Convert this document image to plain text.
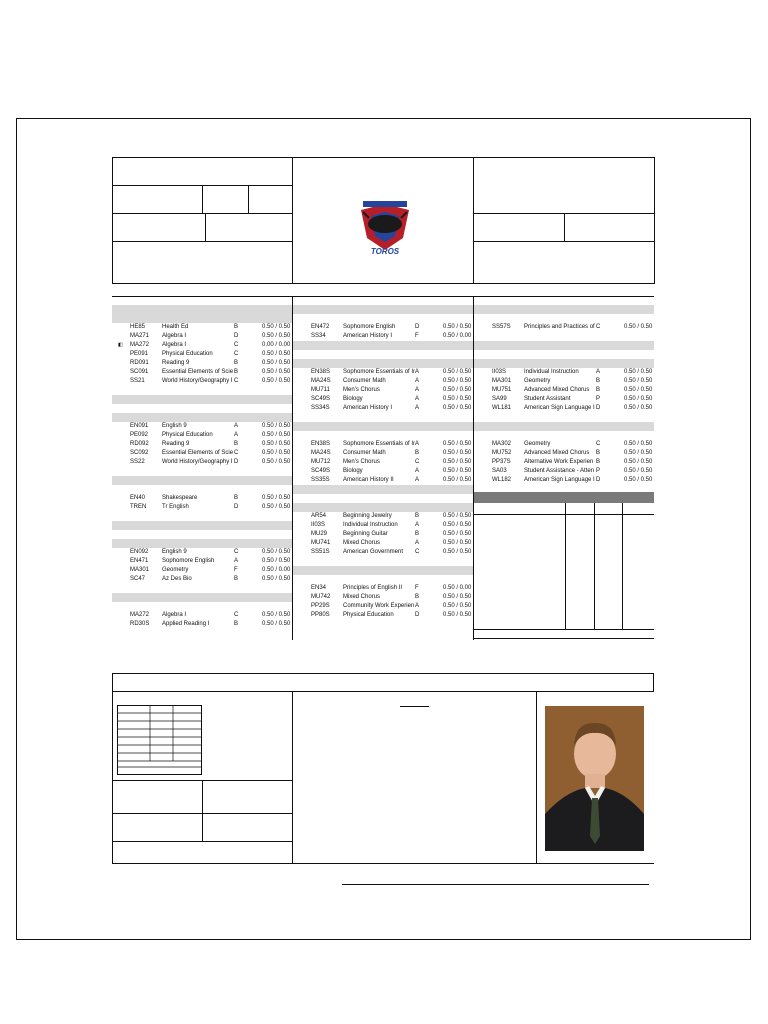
TOROS
HE85	Health Ed	B	0.50 / 0.50
MA271	Algebra I	D	0.50 / 0.50
MA272	Algebra I	C	0.00 / 0.00
◧
PE091	Physical Education	C	0.50 / 0.50
RD091	Reading 9	B	0.50 / 0.50
SC091	Essential Elements of Scie B	0.50 / 0.50
SS21	World History/Geography I C	0.50 / 0.50
EN091	English 9	A	0.50 / 0.50
PE092	Physical Education	A	0.50 / 0.50
RD092	Reading 9	B	0.50 / 0.50
SC092	Essential Elements of Scie C	0.50 / 0.50
SS22	World History/Geography I D	0.50 / 0.50
EN40	Shakespeare	B	0.50 / 0.50
TREN	Tr English	D	0.50 / 0.50
EN092	English 9	C	0.50 / 0.50
EN471	Sophomore English	A	0.50 / 0.50
MA301	Geometry	F	0.50 / 0.00
SC47	Az Des Bio	B	0.50 / 0.50
MA272	Algebra I	C	0.50 / 0.50
RD30S	Applied Reading I	B	0.50 / 0.50
EN472	Sophomore English	D	0.50 / 0.50
SS34	American History I	F	0.50 / 0.00
EN38S	Sophomore Essentials of Ir A	0.50 / 0.50
MA24S	Consumer Math	A	0.50 / 0.50
MU711	Men's Chorus	A	0.50 / 0.50
SC49S	Biology	A	0.50 / 0.50
SS34S	American History I	A	0.50 / 0.50
EN38S	Sophomore Essentials of Ir A	0.50 / 0.50
MA24S	Consumer Math	B	0.50 / 0.50
MU712	Men's Chorus	C	0.50 / 0.50
SC49S	Biology	A	0.50 / 0.50
SS35S	American History II	A	0.50 / 0.50
AR54	Beginning Jewelry	B	0.50 / 0.50
II03S	Individual Instruction	A	0.50 / 0.50
MU29	Beginning Guitar	B	0.50 / 0.50
MU741	Mixed Chorus	A	0.50 / 0.50
SS51S	American Government	C	0.50 / 0.50
EN34	Principles of English II	F	0.50 / 0.00
MU742	Mixed Chorus	B	0.50 / 0.50
PP29S	Community Work Experien A	0.50 / 0.50
PP80S	Physical Education	D	0.50 / 0.50
SS57S	Principles and Practices of C	0.50 / 0.50
II03S	Individual Instruction	A	0.50 / 0.50
MA301	Geometry	B	0.50 / 0.50
MU751	Advanced Mixed Chorus	B	0.50 / 0.50
SA99	Student Assistant	P	0.50 / 0.50
WL181	American Sign Language I D	0.50 / 0.50
MA302	Geometry	C	0.50 / 0.50
MU752	Advanced Mixed Chorus	B	0.50 / 0.50
PP37S	Alternative Work Experien B	0.50 / 0.50
SA03	Student Assistance - Atten P	0.50 / 0.50
WL182	American Sign Language I D	0.50 / 0.50
